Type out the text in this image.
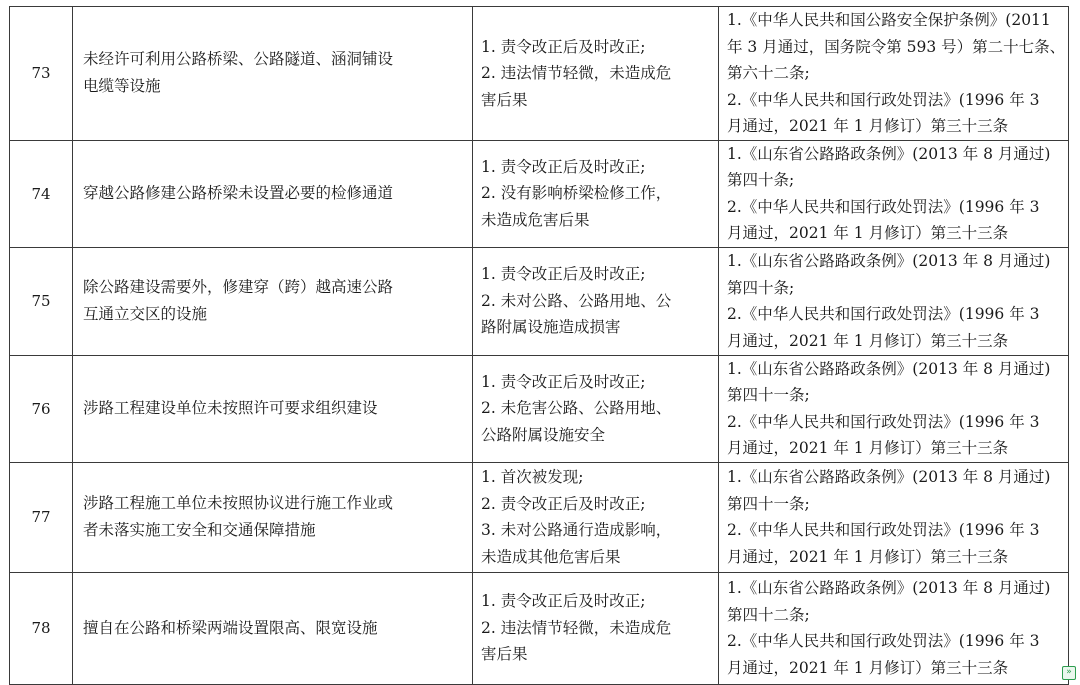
73	未经许可利用公路桥梁、公路隧道、涵洞铺设
电缆等设施	1. 责令改正后及时改正;
2. 违法情节轻微，未造成危
害后果	1.《中华人民共和国公路安全保护条例》(2011
年 3 月通过，国务院令第 593 号）第二十七条、
第六十二条;
2.《中华人民共和国行政处罚法》(1996 年 3
月通过，2021 年 1 月修订）第三十三条

74	穿越公路修建公路桥梁未设置必要的检修通道	1. 责令改正后及时改正;
2. 没有影响桥梁检修工作，
未造成危害后果	1.《山东省公路路政条例》(2013 年 8 月通过)
第四十条;
2.《中华人民共和国行政处罚法》(1996 年 3
月通过，2021 年 1 月修订）第三十三条

75	除公路建设需要外，修建穿（跨）越高速公路
互通立交区的设施	1. 责令改正后及时改正;
2. 未对公路、公路用地、公
路附属设施造成损害	1.《山东省公路路政条例》(2013 年 8 月通过)
第四十条;
2.《中华人民共和国行政处罚法》(1996 年 3
月通过，2021 年 1 月修订）第三十三条

76	涉路工程建设单位未按照许可要求组织建设	1. 责令改正后及时改正;
2. 未危害公路、公路用地、
公路附属设施安全	1.《山东省公路路政条例》(2013 年 8 月通过)
第四十一条;
2.《中华人民共和国行政处罚法》(1996 年 3
月通过，2021 年 1 月修订）第三十三条

77	涉路工程施工单位未按照协议进行施工作业或
者未落实施工安全和交通保障措施	1. 首次被发现;
2. 责令改正后及时改正;
3. 未对公路通行造成影响，
未造成其他危害后果	1.《山东省公路路政条例》(2013 年 8 月通过)
第四十一条;
2.《中华人民共和国行政处罚法》(1996 年 3
月通过，2021 年 1 月修订）第三十三条

78	擅自在公路和桥梁两端设置限高、限宽设施	1. 责令改正后及时改正;
2. 违法情节轻微，未造成危
害后果	1.《山东省公路路政条例》(2013 年 8 月通过)
第四十二条;
2.《中华人民共和国行政处罚法》(1996 年 3
月通过，2021 年 1 月修订）第三十三条	»
